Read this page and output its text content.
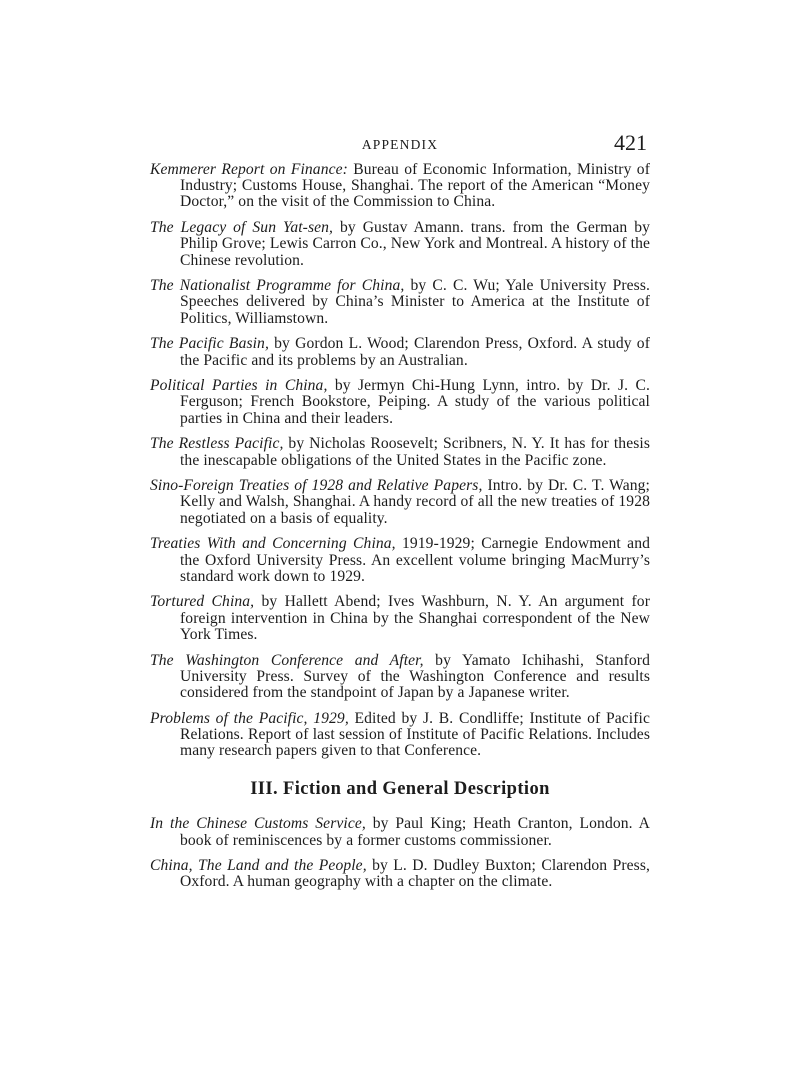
APPENDIX	421

Kemmerer Report on Finance: Bureau of Economic Information, Ministry of Industry; Customs House, Shanghai. The report of the American “Money Doctor,” on the visit of the Commission to China.

The Legacy of Sun Yat-sen, by Gustav Amann. trans. from the German by Philip Grove; Lewis Carron Co., New York and Montreal. A history of the Chinese revolution.

The Nationalist Programme for China, by C. C. Wu; Yale University Press. Speeches delivered by China’s Minister to America at the Institute of Politics, Williamstown.

The Pacific Basin, by Gordon L. Wood; Clarendon Press, Oxford. A study of the Pacific and its problems by an Australian.

Political Parties in China, by Jermyn Chi-Hung Lynn, intro. by Dr. J. C. Ferguson; French Bookstore, Peiping. A study of the various political parties in China and their leaders.

The Restless Pacific, by Nicholas Roosevelt; Scribners, N. Y. It has for thesis the inescapable obligations of the United States in the Pacific zone.

Sino-Foreign Treaties of 1928 and Relative Papers, Intro. by Dr. C. T. Wang; Kelly and Walsh, Shanghai. A handy record of all the new treaties of 1928 negotiated on a basis of equality.

Treaties With and Concerning China, 1919-1929; Carnegie Endowment and the Oxford University Press. An excellent volume bringing MacMurry’s standard work down to 1929.

Tortured China, by Hallett Abend; Ives Washburn, N. Y. An argument for foreign intervention in China by the Shanghai correspondent of the New York Times.

The Washington Conference and After, by Yamato Ichihashi, Stanford University Press. Survey of the Washington Conference and results considered from the standpoint of Japan by a Japanese writer.

Problems of the Pacific, 1929, Edited by J. B. Condliffe; Institute of Pacific Relations. Report of last session of Institute of Pacific Relations. Includes many research papers given to that Conference.

III. Fiction and General Description

In the Chinese Customs Service, by Paul King; Heath Cranton, London. A book of reminiscences by a former customs commissioner.

China, The Land and the People, by L. D. Dudley Buxton; Clarendon Press, Oxford. A human geography with a chapter on the climate.
